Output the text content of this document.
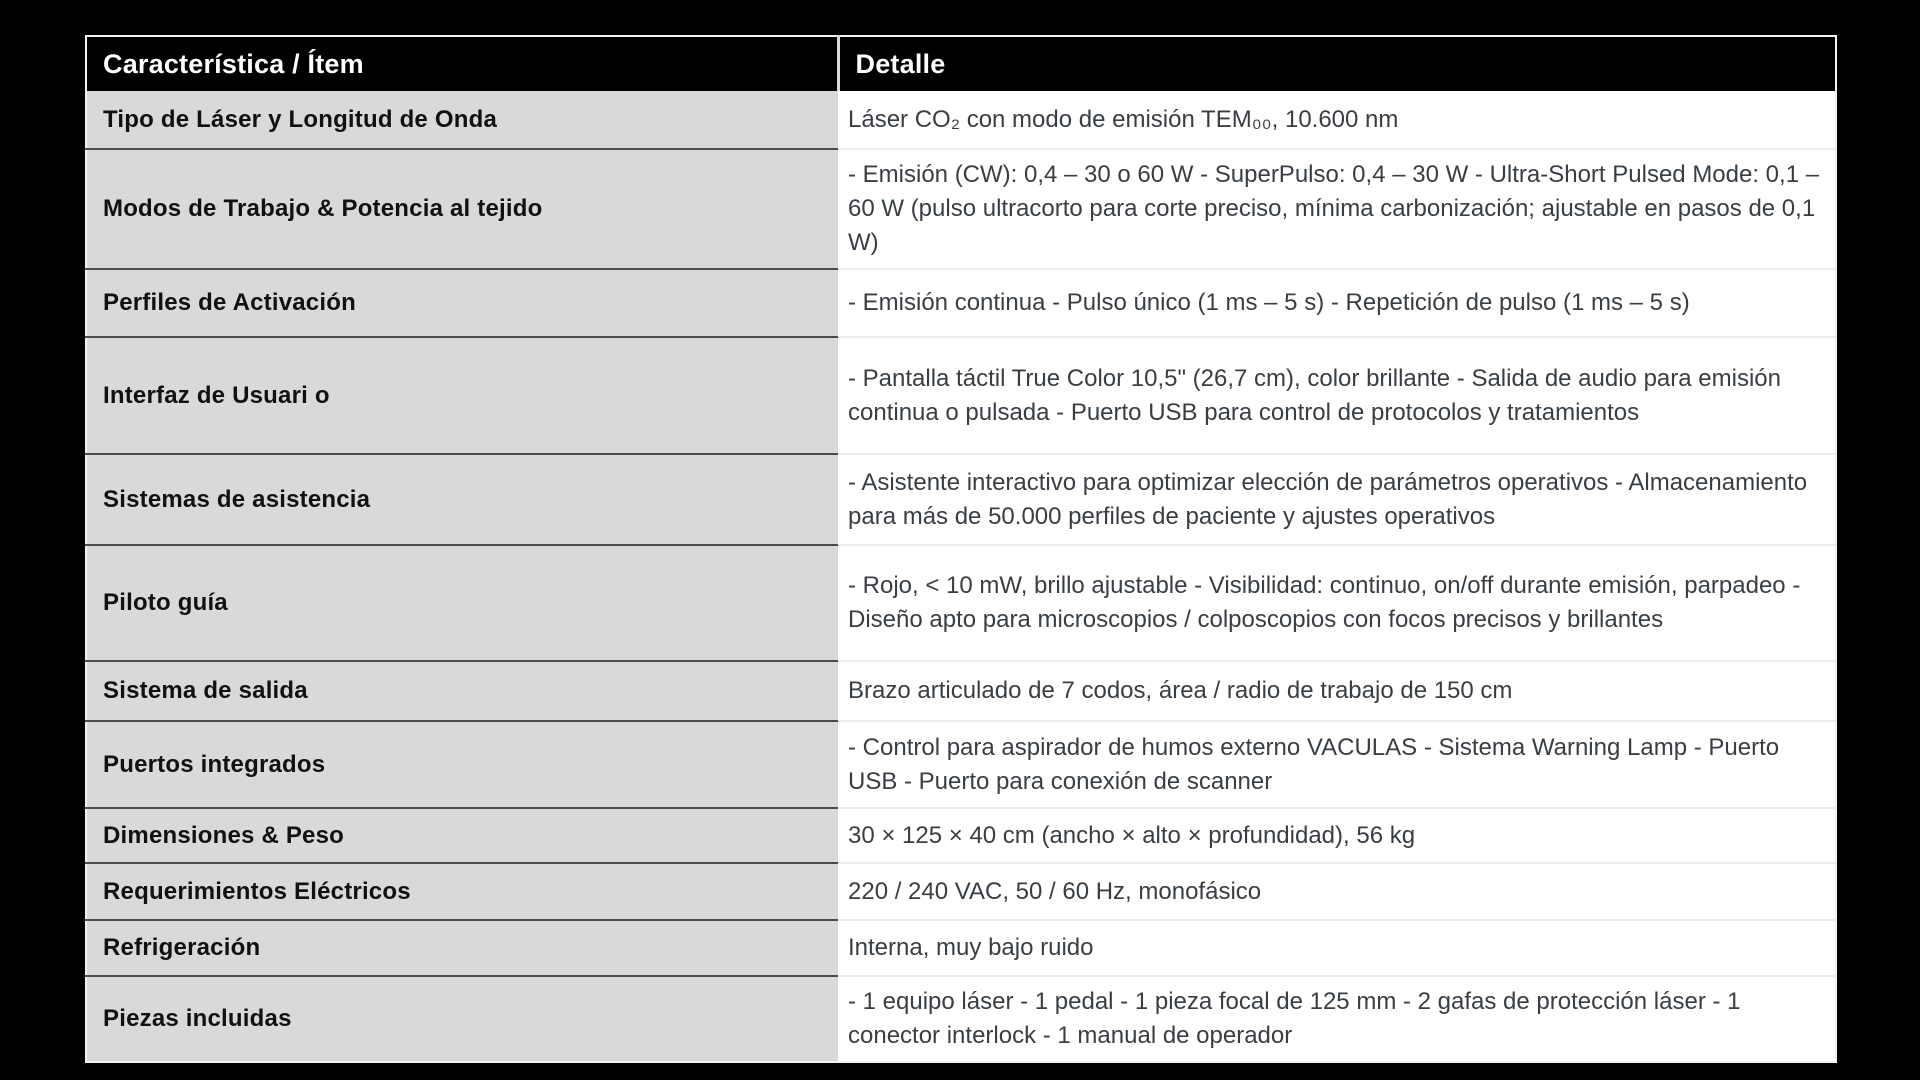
Característica / Ítem	Detalle
Tipo de Láser y Longitud de Onda	Láser CO₂ con modo de emisión TEM₀₀, 10.600 nm
Modos de Trabajo & Potencia al tejido	- Emisión (CW): 0,4 – 30 o 60 W - SuperPulso: 0,4 – 30 W - Ultra-Short Pulsed Mode: 0,1 – 60 W (pulso ultracorto para corte preciso, mínima carbonización; ajustable en pasos de 0,1 W)
Perfiles de Activación	- Emisión continua - Pulso único (1 ms – 5 s) - Repetición de pulso (1 ms – 5 s)
Interfaz de Usuari o	- Pantalla táctil True Color 10,5" (26,7 cm), color brillante - Salida de audio para emisión continua o pulsada - Puerto USB para control de protocolos y tratamientos
Sistemas de asistencia	- Asistente interactivo para optimizar elección de parámetros operativos - Almacenamiento para más de 50.000 perfiles de paciente y ajustes operativos
Piloto guía	- Rojo, < 10 mW, brillo ajustable - Visibilidad: continuo, on/off durante emisión, parpadeo - Diseño apto para microscopios / colposcopios con focos precisos y brillantes
Sistema de salida	Brazo articulado de 7 codos, área / radio de trabajo de 150 cm
Puertos integrados	- Control para aspirador de humos externo VACULAS - Sistema Warning Lamp - Puerto USB - Puerto para conexión de scanner
Dimensiones & Peso	30 × 125 × 40 cm (ancho × alto × profundidad), 56 kg
Requerimientos Eléctricos	220 / 240 VAC, 50 / 60 Hz, monofásico
Refrigeración	Interna, muy bajo ruido
Piezas incluidas	- 1 equipo láser - 1 pedal - 1 pieza focal de 125 mm - 2 gafas de protección láser - 1 conector interlock - 1 manual de operador
